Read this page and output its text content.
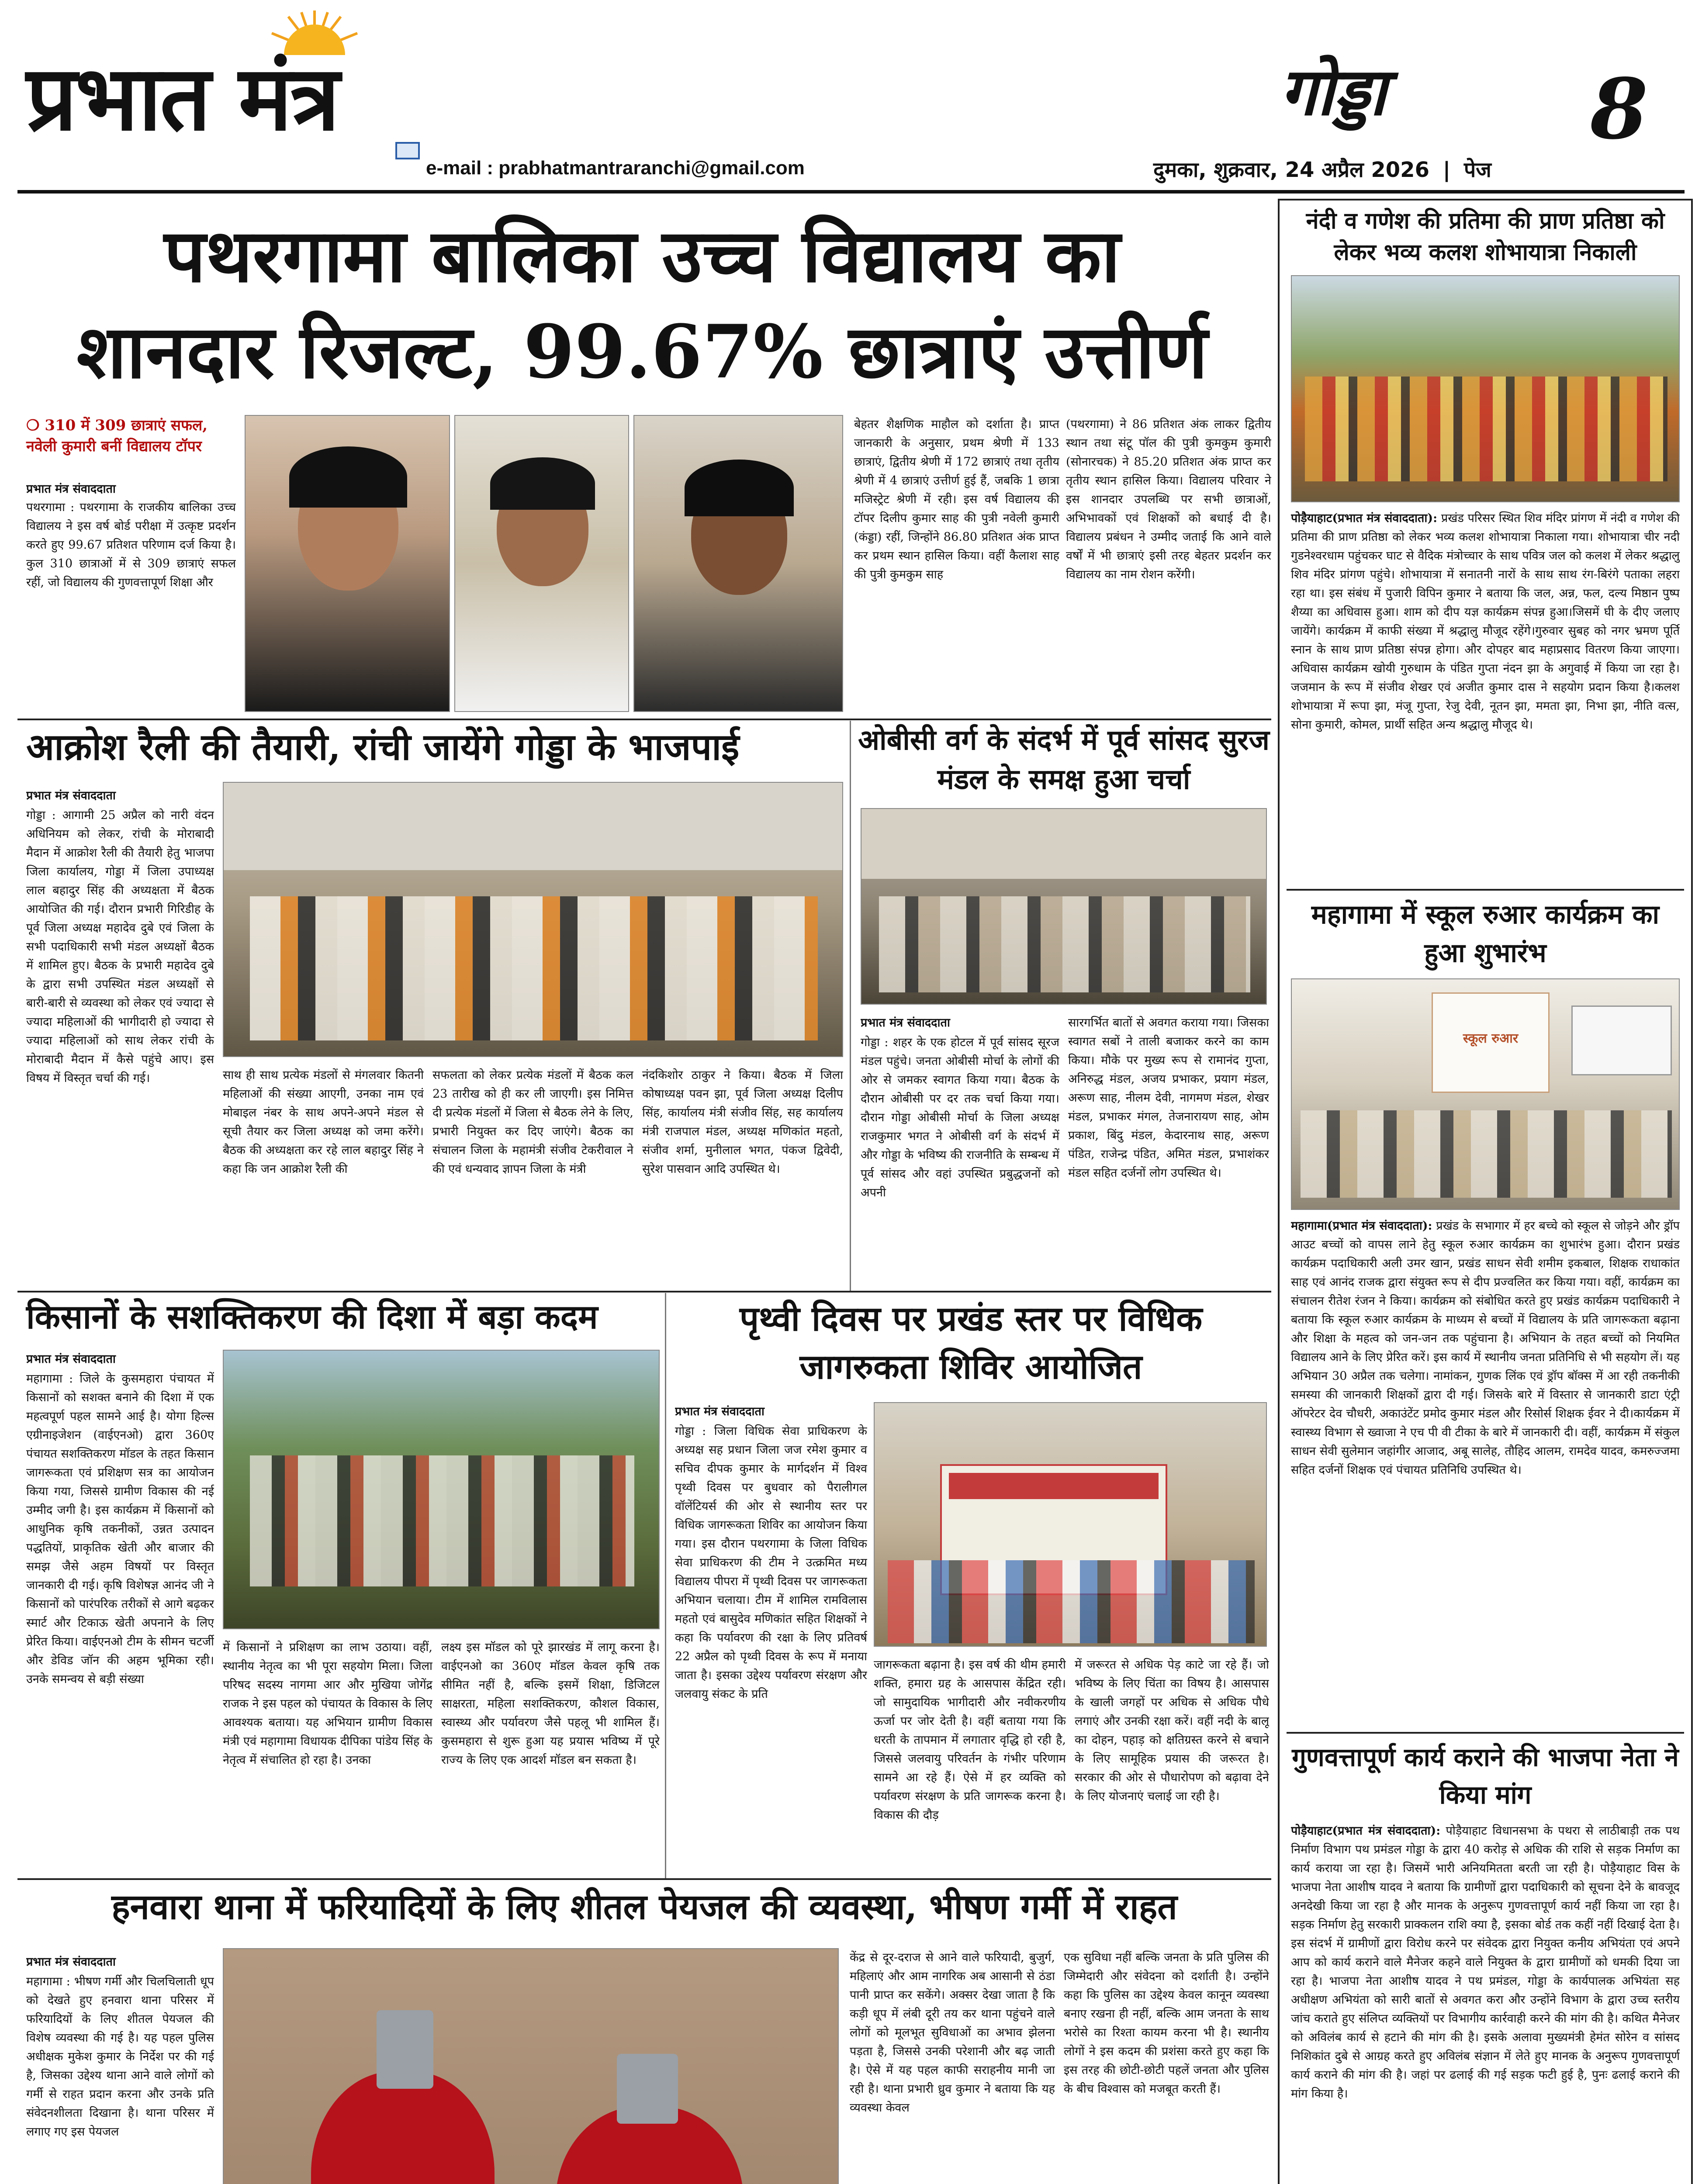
प्रभात मंत्र
e-mail : prabhatmantraranchi@gmail.com
गोड्डा 8
दुमका, शुक्रवार, 24 अप्रैल 2026 | पेज
पथरगामा बालिका उच्च विद्यालय का
शानदार रिजल्ट, 99.67% छात्राएं उत्तीर्ण
❍ 310 में 309 छात्राएं सफल, नवेली कुमारी बनीं विद्यालय टॉपर
प्रभात मंत्र संवाददाता
पथरगामा : पथरगामा के राजकीय बालिका उच्च विद्यालय ने इस वर्ष बोर्ड परीक्षा में उत्कृष्ट प्रदर्शन करते हुए 99.67 प्रतिशत परिणाम दर्ज किया है। कुल 310 छात्राओं में से 309 छात्राएं सफल रहीं, जो विद्यालय की गुणवत्तापूर्ण शिक्षा और
बेहतर शैक्षणिक माहौल को दर्शाता है। प्राप्त जानकारी के अनुसार, प्रथम श्रेणी में 133 छात्राएं, द्वितीय श्रेणी में 172 छात्राएं तथा तृतीय श्रेणी में 4 छात्राएं उत्तीर्ण हुई हैं, जबकि 1 छात्रा मजिस्ट्रेट श्रेणी में रही। इस वर्ष विद्यालय की टॉपर दिलीप कुमार साह की पुत्री नवेली कुमारी (कंड्डा) रहीं, जिन्होंने 86.80 प्रतिशत अंक प्राप्त कर प्रथम स्थान हासिल किया। वहीं कैलाश साह की पुत्री कुमकुम साह
(पथरगामा) ने 86 प्रतिशत अंक लाकर द्वितीय स्थान तथा संटू पॉल की पुत्री कुमकुम कुमारी (सोनारचक) ने 85.20 प्रतिशत अंक प्राप्त कर तृतीय स्थान हासिल किया। विद्यालय परिवार ने इस शानदार उपलब्धि पर सभी छात्राओं, अभिभावकों एवं शिक्षकों को बधाई दी है। विद्यालय प्रबंधन ने उम्मीद जताई कि आने वाले वर्षों में भी छात्राएं इसी तरह बेहतर प्रदर्शन कर विद्यालय का नाम रोशन करेंगी।
आक्रोश रैली की तैयारी, रांची जायेंगे गोड्डा के भाजपाई
प्रभात मंत्र संवाददाता
गोड्डा : आगामी 25 अप्रैल को नारी वंदन अधिनियम को लेकर, रांची के मोराबादी मैदान में आक्रोश रैली की तैयारी हेतु भाजपा जिला कार्यालय, गोड्डा में जिला उपाध्यक्ष लाल बहादुर सिंह की अध्यक्षता में बैठक आयोजित की गई। दौरान प्रभारी गिरिडीह के पूर्व जिला अध्यक्ष महादेव दुबे एवं जिला के सभी पदाधिकारी सभी मंडल अध्यक्षों बैठक में शामिल हुए। बैठक के प्रभारी महादेव दुबे के द्वारा सभी उपस्थित मंडल अध्यक्षों से बारी-बारी से व्यवस्था को लेकर एवं ज्यादा से ज्यादा महिलाओं की भागीदारी हो ज्यादा से ज्यादा महिलाओं को साथ लेकर रांची के मोराबादी मैदान में कैसे पहुंचे आए। इस विषय में विस्तृत चर्चा की गई।	साथ ही साथ प्रत्येक मंडलों से मंगलवार कितनी महिलाओं की संख्या आएगी, उनका नाम एवं मोबाइल नंबर के साथ अपने-अपने मंडल से सूची तैयार कर जिला अध्यक्ष को जमा करेंगे। बैठक की अध्यक्षता कर रहे लाल बहादुर सिंह ने कहा कि जन आक्रोश रैली की
सफलता को लेकर प्रत्येक मंडलों में बैठक कल 23 तारीख को ही कर ली जाएगी। इस निमित्त दी प्रत्येक मंडलों में जिला से बैठक लेने के लिए, प्रभारी नियुक्त कर दिए जाएंगे। बैठक का संचालन जिला के महामंत्री संजीव टेकरीवाल ने की एवं धन्यवाद ज्ञापन जिला के मंत्री
नंदकिशोर ठाकुर ने किया। बैठक में जिला कोषाध्यक्ष पवन झा, पूर्व जिला अध्यक्ष दिलीप सिंह, कार्यालय मंत्री संजीव सिंह, सह कार्यालय मंत्री राजपाल मंडल, अध्यक्ष मणिकांत महतो, संजीव शर्मा, मुनीलाल भगत, पंकज द्विवेदी, सुरेश पासवान आदि उपस्थित थे।
ओबीसी वर्ग के संदर्भ में पूर्व सांसद सुरज मंडल के समक्ष हुआ चर्चा
प्रभात मंत्र संवाददाता
गोड्डा : शहर के एक होटल में पूर्व सांसद सूरज मंडल पहुंचे। जनता ओबीसी मोर्चा के लोगों की ओर से जमकर स्वागत किया गया। बैठक के दौरान ओबीसी पर दर तक चर्चा किया गया। दौरान गोड्डा ओबीसी मोर्चा के जिला अध्यक्ष राजकुमार भगत ने ओबीसी वर्ग के संदर्भ में और गोड्डा के भविष्य की राजनीति के सम्बन्ध में पूर्व सांसद और वहां उपस्थित प्रबुद्धजनों को अपनी
सारगर्भित बातों से अवगत कराया गया। जिसका स्वागत सबों ने ताली बजाकर करने का काम किया। मौके पर मुख्य रूप से रामानंद गुप्ता, अनिरुद्ध मंडल, अजय प्रभाकर, प्रयाग मंडल, अरूण साह, नीलम देवी, नागमण मंडल, शेखर मंडल, प्रभाकर मंगल, तेजनारायण साह, ओम प्रकाश, बिंदु मंडल, केदारनाथ साह, अरूण पंडित, राजेन्द्र पंडित, अमित मंडल, प्रभाशंकर मंडल सहित दर्जनों लोग उपस्थित थे।
किसानों के सशक्तिकरण की दिशा में बड़ा कदम
प्रभात मंत्र संवाददाता
महागामा : जिले के कुसमहारा पंचायत में किसानों को सशक्त बनाने की दिशा में एक महत्वपूर्ण पहल सामने आई है। योगा हिल्स एग्रीनाइजेशन (वाईएनओ) द्वारा 360ए पंचायत सशक्तिकरण मॉडल के तहत किसान जागरूकता एवं प्रशिक्षण सत्र का आयोजन किया गया, जिससे ग्रामीण विकास की नई उम्मीद जगी है। इस कार्यक्रम में किसानों को आधुनिक कृषि तकनीकों, उन्नत उत्पादन पद्धतियों, प्राकृतिक खेती और बाजार की समझ जैसे अहम विषयों पर विस्तृत जानकारी दी गई। कृषि विशेषज्ञ आनंद जी ने किसानों को पारंपरिक तरीकों से आगे बढ़कर स्मार्ट और टिकाऊ खेती अपनाने के लिए प्रेरित किया। वाईएनओ टीम के सीमन चटर्जी और डेविड जॉन की अहम भूमिका रही। उनके समन्वय से बड़ी संख्या
में किसानों ने प्रशिक्षण का लाभ उठाया। वहीं, स्थानीय नेतृत्व का भी पूरा सहयोग मिला। जिला परिषद सदस्य नागमा आर और मुखिया जोगेंद्र राजक ने इस पहल को पंचायत के विकास के लिए आवश्यक बताया। यह अभियान ग्रामीण विकास मंत्री एवं महागामा विधायक दीपिका पांडेय सिंह के नेतृत्व में संचालित हो रहा है। उनका
लक्ष्य इस मॉडल को पूरे झारखंड में लागू करना है। वाईएनओ का 360ए मॉडल केवल कृषि तक सीमित नहीं है, बल्कि इसमें शिक्षा, डिजिटल साक्षरता, महिला सशक्तिकरण, कौशल विकास, स्वास्थ्य और पर्यावरण जैसे पहलू भी शामिल हैं। कुसमहारा से शुरू हुआ यह प्रयास भविष्य में पूरे राज्य के लिए एक आदर्श मॉडल बन सकता है।
पृथ्वी दिवस पर प्रखंड स्तर पर विधिक जागरुकता शिविर आयोजित
प्रभात मंत्र संवाददाता
गोड्डा : जिला विधिक सेवा प्राधिकरण के अध्यक्ष सह प्रधान जिला जज रमेश कुमार व सचिव दीपक कुमार के मार्गदर्शन में विश्व पृथ्वी दिवस पर बुधवार को पैरालीगल वॉलेंटियर्स की ओर से स्थानीय स्तर पर विधिक जागरूकता शिविर का आयोजन किया गया। इस दौरान पथरगामा के जिला विधिक सेवा प्राधिकरण की टीम ने उत्क्रमित मध्य विद्यालय पीपरा में पृथ्वी दिवस पर जागरूकता अभियान चलाया। टीम में शामिल रामविलास महतो एवं बासुदेव मणिकांत सहित शिक्षकों ने कहा कि पर्यावरण की रक्षा के लिए प्रतिवर्ष 22 अप्रैल को पृथ्वी दिवस के रूप में मनाया जाता है। इसका उद्देश्य पर्यावरण संरक्षण और जलवायु संकट के प्रति
जागरूकता बढ़ाना है। इस वर्ष की थीम हमारी शक्ति, हमारा ग्रह के आसपास केंद्रित रही। जो सामुदायिक भागीदारी और नवीकरणीय ऊर्जा पर जोर देती है। वहीं बताया गया कि धरती के तापमान में लगातार वृद्धि हो रही है, जिससे जलवायु परिवर्तन के गंभीर परिणाम सामने आ रहे हैं। ऐसे में हर व्यक्ति को पर्यावरण संरक्षण के प्रति जागरूक करना है। विकास की दौड़
में जरूरत से अधिक पेड़ काटे जा रहे हैं। जो भविष्य के लिए चिंता का विषय है। आसपास के खाली जगहों पर अधिक से अधिक पौधे लगाएं और उनकी रक्षा करें। वहीं नदी के बालू का दोहन, पहाड़ को क्षतिग्रस्त करने से बचाने के लिए सामूहिक प्रयास की जरूरत है। सरकार की ओर से पौधारोपण को बढ़ावा देने के लिए योजनाएं चलाई जा रही है।
हनवारा थाना में फरियादियों के लिए शीतल पेयजल की व्यवस्था, भीषण गर्मी में राहत
प्रभात मंत्र संवाददाता
महागामा : भीषण गर्मी और चिलचिलाती धूप को देखते हुए हनवारा थाना परिसर में फरियादियों के लिए शीतल पेयजल की विशेष व्यवस्था की गई है। यह पहल पुलिस अधीक्षक मुकेश कुमार के निर्देश पर की गई है, जिसका उद्देश्य थाना आने वाले लोगों को गर्मी से राहत प्रदान करना और उनके प्रति संवेदनशीलता दिखाना है। थाना परिसर में लगाए गए इस पेयजल
केंद्र से दूर-दराज से आने वाले फरियादी, बुजुर्ग, महिलाएं और आम नागरिक अब आसानी से ठंडा पानी प्राप्त कर सकेंगे। अक्सर देखा जाता है कि कड़ी धूप में लंबी दूरी तय कर थाना पहुंचने वाले लोगों को मूलभूत सुविधाओं का अभाव झेलना पड़ता है, जिससे उनकी परेशानी और बढ़ जाती है। ऐसे में यह पहल काफी सराहनीय मानी जा रही है। थाना प्रभारी ध्रुव कुमार ने बताया कि यह व्यवस्था केवल
एक सुविधा नहीं बल्कि जनता के प्रति पुलिस की जिम्मेदारी और संवेदना को दर्शाती है। उन्होंने कहा कि पुलिस का उद्देश्य केवल कानून व्यवस्था बनाए रखना ही नहीं, बल्कि आम जनता के साथ भरोसे का रिश्ता कायम करना भी है। स्थानीय लोगों ने इस कदम की प्रशंसा करते हुए कहा कि इस तरह की छोटी-छोटी पहलें जनता और पुलिस के बीच विश्वास को मजबूत करती हैं।
नंदी व गणेश की प्रतिमा की प्राण प्रतिष्ठा को लेकर भव्य कलश शोभायात्रा निकाली
पोड़ैयाहाट(प्रभात मंत्र संवाददाता): प्रखंड परिसर स्थित शिव मंदिर प्रांगण में नंदी व गणेश की प्रतिमा की प्राण प्रतिष्ठा को लेकर भव्य कलश शोभायात्रा निकाला गया। शोभायात्रा चीर नदी गुडनेश्वरधाम पहुंचकर घाट से वैदिक मंत्रोच्चार के साथ पवित्र जल को कलश में लेकर श्रद्धालु शिव मंदिर प्रांगण पहुंचे। शोभायात्रा में सनातनी नारों के साथ साथ रंग-बिरंगे पताका लहरा रहा था। इस संबंध में पुजारी विपिन कुमार ने बताया कि जल, अन्न, फल, दल्य मिष्ठान पुष्प शैय्या का अधिवास हुआ। शाम को दीप यज्ञ कार्यक्रम संपन्न हुआ।जिसमें घी के दीए जलाए जायेंगे। कार्यक्रम में काफी संख्या में श्रद्धालु मौजूद रहेंगे।गुरुवार सुबह को नगर भ्रमण पूर्ति स्नान के साथ प्राण प्रतिष्ठा संपन्न होगा। और दोपहर बाद महाप्रसाद वितरण किया जाएगा। अधिवास कार्यक्रम खोयी गुरुधाम के पंडित गुप्ता नंदन झा के अगुवाई में किया जा रहा है। जजमान के रूप में संजीव शेखर एवं अजीत कुमार दास ने सहयोग प्रदान किया है।कलश शोभायात्रा में रूपा झा, मंजू गुप्ता, रेजु देवी, नूतन झा, ममता झा, निभा झा, नीति वत्स, सोना कुमारी, कोमल, प्रार्थी सहित अन्य श्रद्धालु मौजूद थे।
महागामा में स्कूल रुआर कार्यक्रम का हुआ शुभारंभ
स्कूल रुआर
महागामा(प्रभात मंत्र संवाददाता): प्रखंड के सभागार में हर बच्चे को स्कूल से जोड़ने और ड्रॉप आउट बच्चों को वापस लाने हेतु स्कूल रुआर कार्यक्रम का शुभारंभ हुआ। दौरान प्रखंड कार्यक्रम पदाधिकारी अली उमर खान, प्रखंड साधन सेवी शमीम इकबाल, शिक्षक राधाकांत साह एवं आनंद राजक द्वारा संयुक्त रूप से दीप प्रज्वलित कर किया गया। वहीं, कार्यक्रम का संचालन रीतेश रंजन ने किया। कार्यक्रम को संबोधित करते हुए प्रखंड कार्यक्रम पदाधिकारी ने बताया कि स्कूल रुआर कार्यक्रम के माध्यम से बच्चों में विद्यालय के प्रति जागरूकता बढ़ाना और शिक्षा के महत्व को जन-जन तक पहुंचाना है। अभियान के तहत बच्चों को नियमित विद्यालय आने के लिए प्रेरित करें। इस कार्य में स्थानीय जनता प्रतिनिधि से भी सहयोग लें। यह अभियान 30 अप्रैल तक चलेगा। नामांकन, गुणक लिंक एवं ड्रॉप बॉक्स में आ रही तकनीकी समस्या की जानकारी शिक्षकों द्वारा दी गई। जिसके बारे में विस्तार से जानकारी डाटा एंट्री ऑपरेटर देव चौधरी, अकाउंटेंट प्रमोद कुमार मंडल और रिसोर्स शिक्षक ईवर ने दी।कार्यक्रम में स्वास्थ्य विभाग से ख्वाजा ने एच पी वी टीका के बारे में जानकारी दी। वहीं, कार्यक्रम में संकुल साधन सेवी सुलेमान जहांगीर आजाद, अबू सालेह, तौहिद आलम, रामदेव यादव, कमरुज्जमा सहित दर्जनों शिक्षक एवं पंचायत प्रतिनिधि उपस्थित थे।
गुणवत्तापूर्ण कार्य कराने की भाजपा नेता ने किया मांग
पोड़ैयाहाट(प्रभात मंत्र संवाददाता): पोड़ैयाहाट विधानसभा के पथरा से लाठीबाड़ी तक पथ निर्माण विभाग पथ प्रमंडल गोड्डा के द्वारा 40 करोड़ से अधिक की राशि से सड़क निर्माण का कार्य कराया जा रहा है। जिसमें भारी अनियमितता बरती जा रही है। पोड़ैयाहाट विस के भाजपा नेता आशीष यादव ने बताया कि ग्रामीणों द्वारा पदाधिकारी को सूचना देने के बावजूद अनदेखी किया जा रहा है और मानक के अनुरूप गुणवत्तापूर्ण कार्य नहीं किया जा रहा है। सड़क निर्माण हेतु सरकारी प्राक्कलन राशि क्या है, इसका बोर्ड तक कहीं नहीं दिखाई देता है। इस संदर्भ में ग्रामीणों द्वारा विरोध करने पर संवेदक द्वारा नियुक्त कनीय अभियंता एवं अपने आप को कार्य कराने वाले मैनेजर कहने वाले नियुक्त के द्वारा ग्रामीणों को धमकी दिया जा रहा है। भाजपा नेता आशीष यादव ने पथ प्रमंडल, गोड्डा के कार्यपालक अभियंता सह अधीक्षण अभियंता को सारी बातों से अवगत करा और उन्होंने विभाग के द्वारा उच्च स्तरीय जांच कराते हुए संलिप्त व्यक्तियों पर विभागीय कार्रवाही करने की मांग की है। कथित मैनेजर को अविलंब कार्य से हटाने की मांग की है। इसके अलावा मुख्यमंत्री हेमंत सोरेन व सांसद निशिकांत दुबे से आग्रह करते हुए अविलंब संज्ञान में लेते हुए मानक के अनुरूप गुणवत्तापूर्ण कार्य कराने की मांग की है। जहां पर ढलाई की गई सड़क फटी हुई है, पुनः ढलाई कराने की मांग किया है।
